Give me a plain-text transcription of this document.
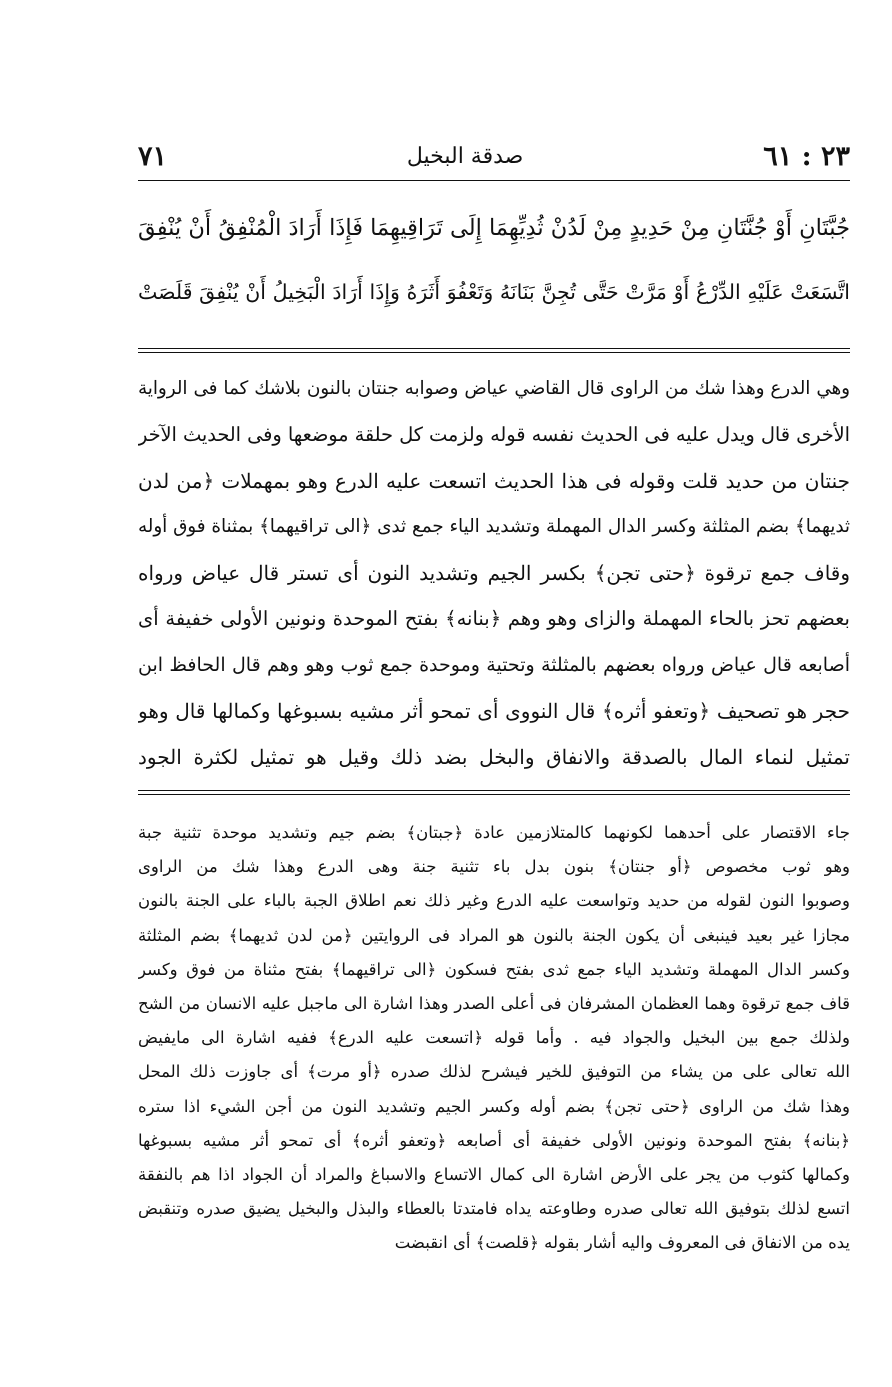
٢٣ : ٦١
صدقة البخيل
٧١
جُبَّتَانِ أَوْ جُنَّتَانِ مِنْ حَدِيدٍ مِنْ لَدُنْ ثُدِيِّهِمَا إِلَى تَرَاقِيهِمَا فَإِذَا أَرَادَ الْمُنْفِقُ أَنْ يُنْفِقَ
اتَّسَعَتْ عَلَيْهِ الدِّرْعُ أَوْ مَرَّتْ حَتَّى تُجِنَّ بَنَانَهُ وَتَعْفُوَ أَثَرَهُ وَإِذَا أَرَادَ الْبَخِيلُ أَنْ يُنْفِقَ قَلَصَتْ
وهي الدرع وهذا شك من الراوى قال القاضي عياض وصوابه جنتان بالنون بلاشك كما فى الرواية
الأخرى قال ويدل عليه فى الحديث نفسه قوله ولزمت كل حلقة موضعها وفى الحديث الآخر
جنتان من حديد قلت وقوله فى هذا الحديث اتسعت عليه الدرع وهو بمهملات ﴿من لدن
ثديهما﴾ بضم المثلثة وكسر الدال المهملة وتشديد الياء جمع ثدى ﴿الى تراقيهما﴾ بمثناة فوق أوله
وقاف جمع ترقوة ﴿حتى تجن﴾ بكسر الجيم وتشديد النون أى تستر قال عياض ورواه
بعضهم تحز بالحاء المهملة والزاى وهو وهم ﴿بنانه﴾ بفتح الموحدة ونونين الأولى خفيفة أى
أصابعه قال عياض ورواه بعضهم بالمثلثة وتحتية وموحدة جمع ثوب وهو وهم قال الحافظ ابن
حجر هو تصحيف ﴿وتعفو أثره﴾ قال النووى أى تمحو أثر مشيه بسبوغها وكمالها قال وهو
تمثيل لنماء المال بالصدقة والانفاق والبخل بضد ذلك وقيل هو تمثيل لكثرة الجود
جاء الاقتصار على أحدهما لكونهما كالمتلازمين عادة ﴿جبتان﴾ بضم جيم وتشديد موحدة تثنية جبة
وهو ثوب مخصوص ﴿أو جنتان﴾ بنون بدل باء تثنية جنة وهى الدرع وهذا شك من الراوى
وصوبوا النون لقوله من حديد وتواسعت عليه الدرع وغير ذلك نعم اطلاق الجبة بالباء على الجنة بالنون
مجازا غير بعيد فينبغى أن يكون الجنة بالنون هو المراد فى الروايتين ﴿من لدن ثديهما﴾ بضم المثلثة
وكسر الدال المهملة وتشديد الياء جمع ثدى بفتح فسكون ﴿الى تراقيهما﴾ بفتح مثناة من فوق وكسر
قاف جمع ترقوة وهما العظمان المشرفان فى أعلى الصدر وهذا اشارة الى ماجبل عليه الانسان من الشح
ولذلك جمع بين البخيل والجواد فيه . وأما قوله ﴿اتسعت عليه الدرع﴾ ففيه اشارة الى مايفيض
الله تعالى على من يشاء من التوفيق للخير فيشرح لذلك صدره ﴿أو مرت﴾ أى جاوزت ذلك المحل
وهذا شك من الراوى ﴿حتى تجن﴾ بضم أوله وكسر الجيم وتشديد النون من أجن الشيء اذا ستره
﴿بنانه﴾ بفتح الموحدة ونونين الأولى خفيفة أى أصابعه ﴿وتعفو أثره﴾ أى تمحو أثر مشيه بسبوغها
وكمالها كثوب من يجر على الأرض اشارة الى كمال الاتساع والاسباغ والمراد أن الجواد اذا هم بالنفقة
اتسع لذلك بتوفيق الله تعالى صدره وطاوعته يداه فامتدتا بالعطاء والبذل والبخيل يضيق صدره وتنقبض
يده من الانفاق فى المعروف واليه أشار بقوله ﴿قلصت﴾ أى انقبضت
